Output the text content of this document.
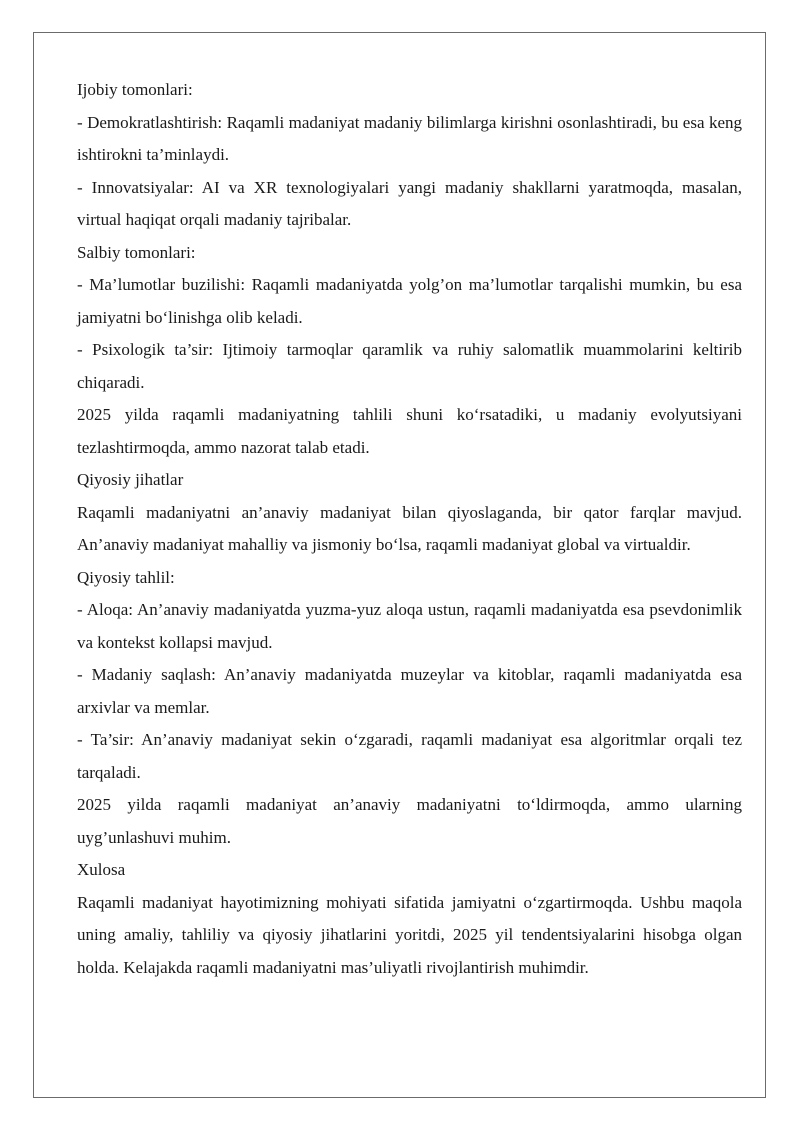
Ijobiy tomonlari:

- Demokratlashtirish: Raqamli madaniyat madaniy bilimlarga kirishni osonlashtiradi, bu esa keng ishtirokni ta’minlaydi.

- Innovatsiyalar: AI va XR texnologiyalari yangi madaniy shakllarni yaratmoqda, masalan, virtual haqiqat orqali madaniy tajribalar.

Salbiy tomonlari:

- Ma’lumotlar buzilishi: Raqamli madaniyatda yolg’on ma’lumotlar tarqalishi mumkin, bu esa jamiyatni bo‘linishga olib keladi.

- Psixologik ta’sir: Ijtimoiy tarmoqlar qaramlik va ruhiy salomatlik muammolarini keltirib chiqaradi.

2025 yilda raqamli madaniyatning tahlili shuni ko‘rsatadiki, u madaniy evolyutsiyani tezlashtirmoqda, ammo nazorat talab etadi.

Qiyosiy jihatlar

Raqamli madaniyatni an’anaviy madaniyat bilan qiyoslaganda, bir qator farqlar mavjud. An’anaviy madaniyat mahalliy va jismoniy bo‘lsa, raqamli madaniyat global va virtualdir.

Qiyosiy tahlil:

- Aloqa: An’anaviy madaniyatda yuzma-yuz aloqa ustun, raqamli madaniyatda esa psevdonimlik va kontekst kollapsi mavjud.

- Madaniy saqlash: An’anaviy madaniyatda muzeylar va kitoblar, raqamli madaniyatda esa arxivlar va memlar.

- Ta’sir: An’anaviy madaniyat sekin o‘zgaradi, raqamli madaniyat esa algoritmlar orqali tez tarqaladi.

2025 yilda raqamli madaniyat an’anaviy madaniyatni to‘ldirmoqda, ammo ularning uyg’unlashuvi muhim.

Xulosa

Raqamli madaniyat hayotimizning mohiyati sifatida jamiyatni o‘zgartirmoqda. Ushbu maqola uning amaliy, tahliliy va qiyosiy jihatlarini yoritdi, 2025 yil tendentsiyalarini hisobga olgan holda. Kelajakda raqamli madaniyatni mas’uliyatli rivojlantirish muhimdir.
